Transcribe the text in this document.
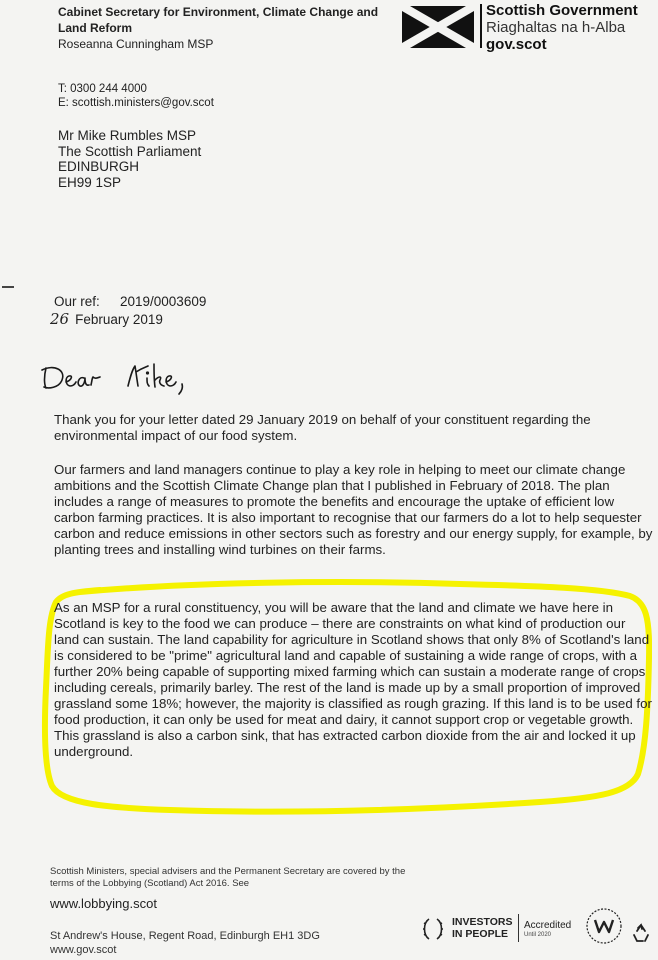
Cabinet Secretary for Environment, Climate Change and Land Reform
Roseanna Cunningham MSP
Scottish Government
Riaghaltas na h-Alba
gov.scot
T: 0300 244 4000
E: scottish.ministers@gov.scot
Mr Mike Rumbles MSP
The Scottish Parliament
EDINBURGH
EH99 1SP
Our ref: 2019/0003609
26 February 2019
Thank you for your letter dated 29 January 2019 on behalf of your constituent regarding the environmental impact of our food system.
Our farmers and land managers continue to play a key role in helping to meet our climate change ambitions and the Scottish Climate Change plan that I published in February of 2018. The plan includes a range of measures to promote the benefits and encourage the uptake of efficient low carbon farming practices. It is also important to recognise that our farmers do a lot to help sequester carbon and reduce emissions in other sectors such as forestry and our energy supply, for example, by planting trees and installing wind turbines on their farms.
As an MSP for a rural constituency, you will be aware that the land and climate we have here in Scotland is key to the food we can produce – there are constraints on what kind of production our land can sustain. The land capability for agriculture in Scotland shows that only 8% of Scotland's land is considered to be "prime" agricultural land and capable of sustaining a wide range of crops, with a further 20% being capable of supporting mixed farming which can sustain a moderate range of crops including cereals, primarily barley. The rest of the land is made up by a small proportion of improved grassland some 18%; however, the majority is classified as rough grazing. If this land is to be used for food production, it can only be used for meat and dairy, it cannot support crop or vegetable growth. This grassland is also a carbon sink, that has extracted carbon dioxide from the air and locked it up underground.
Scottish Ministers, special advisers and the Permanent Secretary are covered by the terms of the Lobbying (Scotland) Act 2016. See
www.lobbying.scot
St Andrew's House, Regent Road, Edinburgh EH1 3DG
www.gov.scot
INVESTORS
IN PEOPLE
Accredited
Until 2020
